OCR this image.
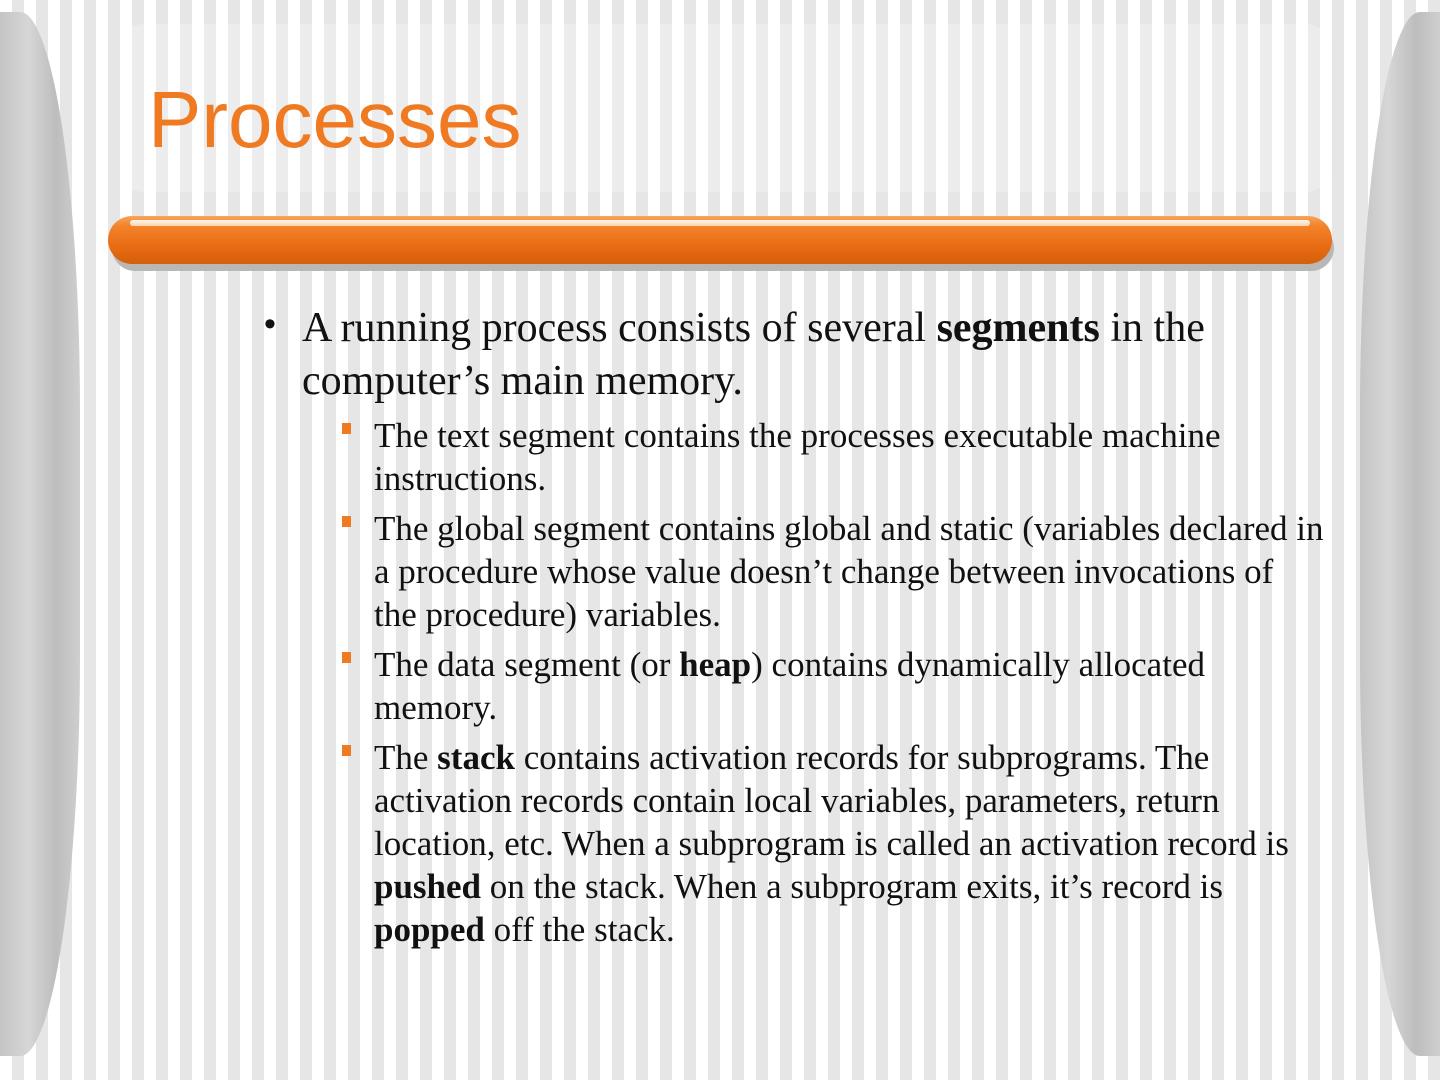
Processes
• A running process consists of several segments in the computer’s main memory.
The text segment contains the processes executable machine instructions.
The global segment contains global and static (variables declared in a procedure whose value doesn’t change between invocations of the procedure) variables.
The data segment (or heap) contains dynamically allocated memory.
The stack contains activation records for subprograms. The activation records contain local variables, parameters, return location, etc. When a subprogram is called an activation record is pushed on the stack. When a subprogram exits, it’s record is popped off the stack.
